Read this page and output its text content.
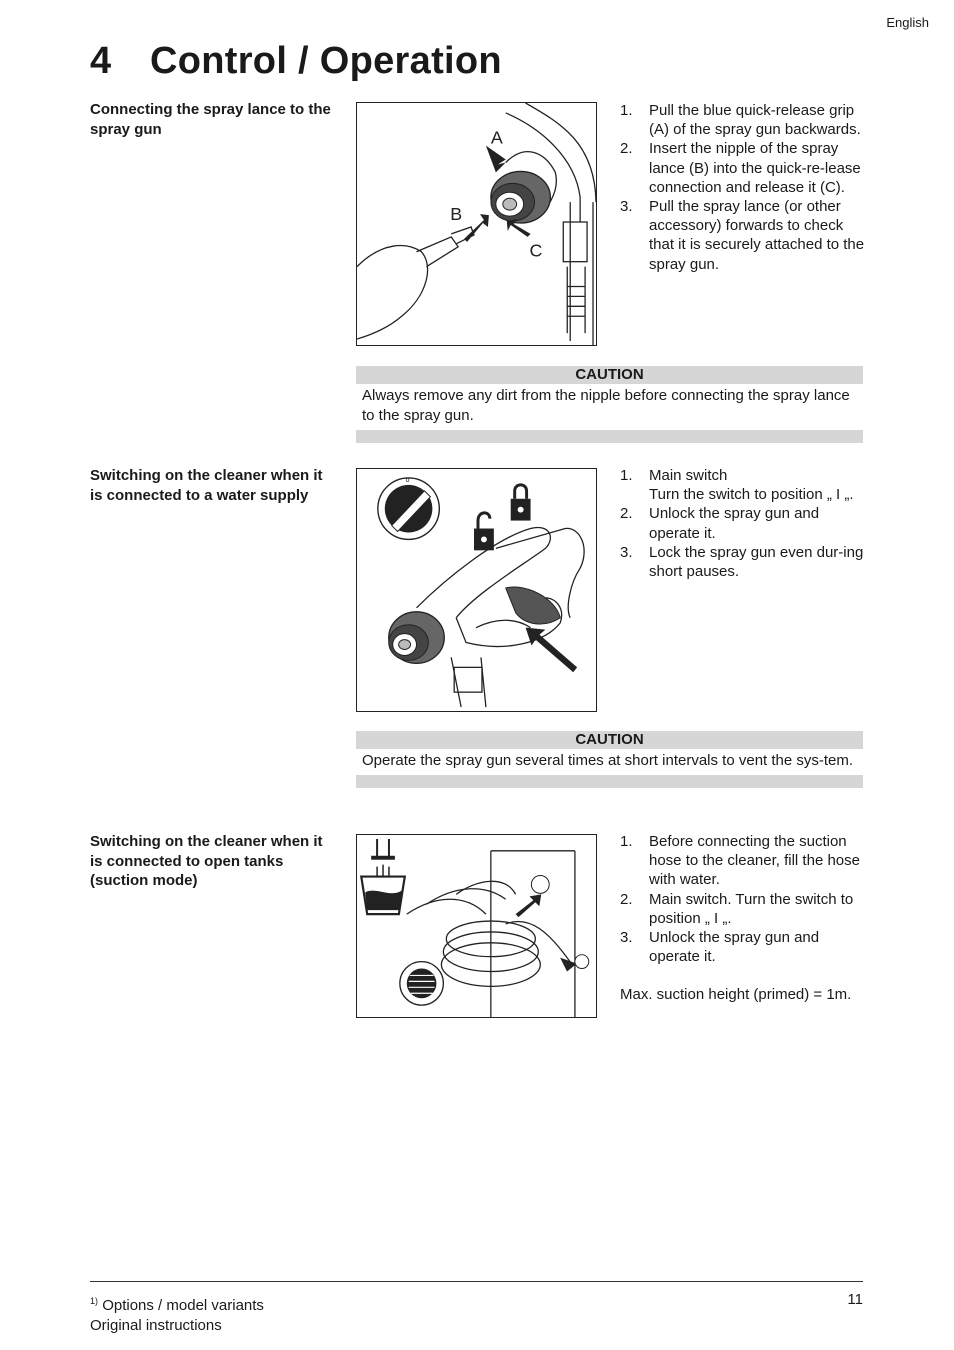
English
4 Control / Operation
Connecting the spray lance to the spray gun	A
B
C
1. Pull the blue quick-release grip (A) of the spray gun backwards.
2. Insert the nipple of the spray lance (B) into the quick-re-lease connection and release it (C).
3. Pull the spray lance (or other accessory) forwards to check that it is securely attached to the spray gun.
CAUTION
Always remove any dirt from the nipple before connecting the spray lance to the spray gun.
Switching on the cleaner when it is connected to a water supply
o	1. Main switch
Turn the switch to position „ I „.
2. Unlock the spray gun and operate it.
3. Lock the spray gun even dur-ing short pauses.
CAUTION
Operate the spray gun several times at short intervals to vent the sys-tem.
Switching on the cleaner when it is connected to open tanks (suction mode)
1. Before connecting the suction hose to the cleaner, fill the hose with water.
2. Main switch. Turn the switch to position „ I „.
3. Unlock the spray gun and operate it.
Max. suction height (primed) = 1m.
$^{1)}$ Options / model variants
Original instructions
11
